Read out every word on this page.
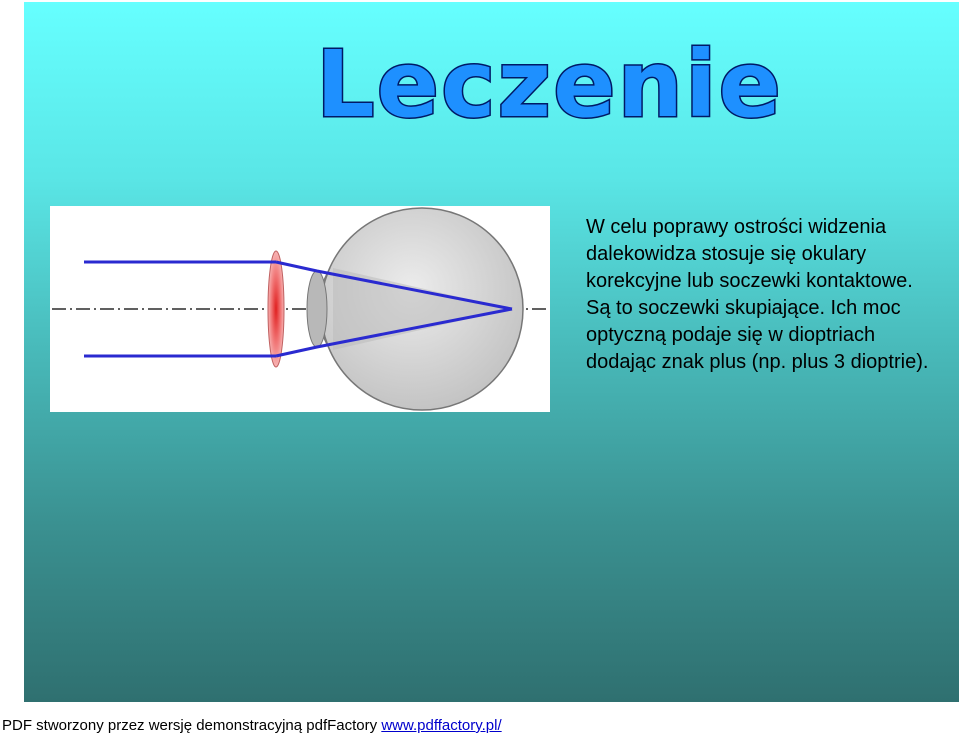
Leczenie

W celu poprawy ostrości widzenia dalekowidza stosuje się okulary korekcyjne lub soczewki kontaktowe. Są to soczewki skupiające. Ich moc optyczną podaje się w dioptriach dodając znak plus (np. plus 3 dioptrie).

PDF stworzony przez wersję demonstracyjną pdfFactory www.pdffactory.pl/
